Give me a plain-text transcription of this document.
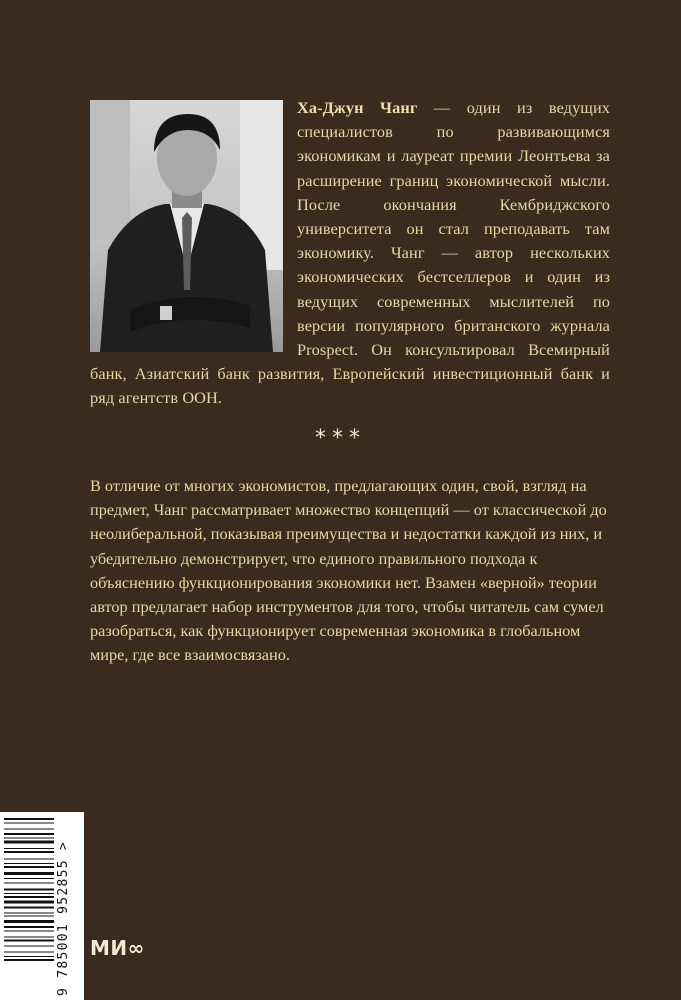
Ха-Джун Чанг — один из ведущих специалистов по развивающимся экономикам и лауреат премии Леонтьева за расширение границ экономической мысли. После окончания Кембриджского университета он стал преподавать там экономику. Чанг — автор нескольких экономических бестселлеров и один из ведущих современных мыслителей по версии популярного британского журнала Prospect. Он консультировал Всемирный банк, Азиатский банк развития, Европейский инвестиционный банк и ряд агентств ООН.

***

В отличие от многих экономистов, предлагающих один, свой, взгляд на предмет, Чанг рассматривает множество концепций — от классической до неолиберальной, показывая преимущества и недостатки каждой из них, и убедительно демонстрирует, что единого правильного подхода к объяснению функционирования экономики нет. Взамен «верной» теории автор предлагает набор инструментов для того, чтобы читатель сам сумел разобраться, как функционирует современная экономика в глобальном мире, где все взаимосвязано.

9 785001 952855 > МИ∞
